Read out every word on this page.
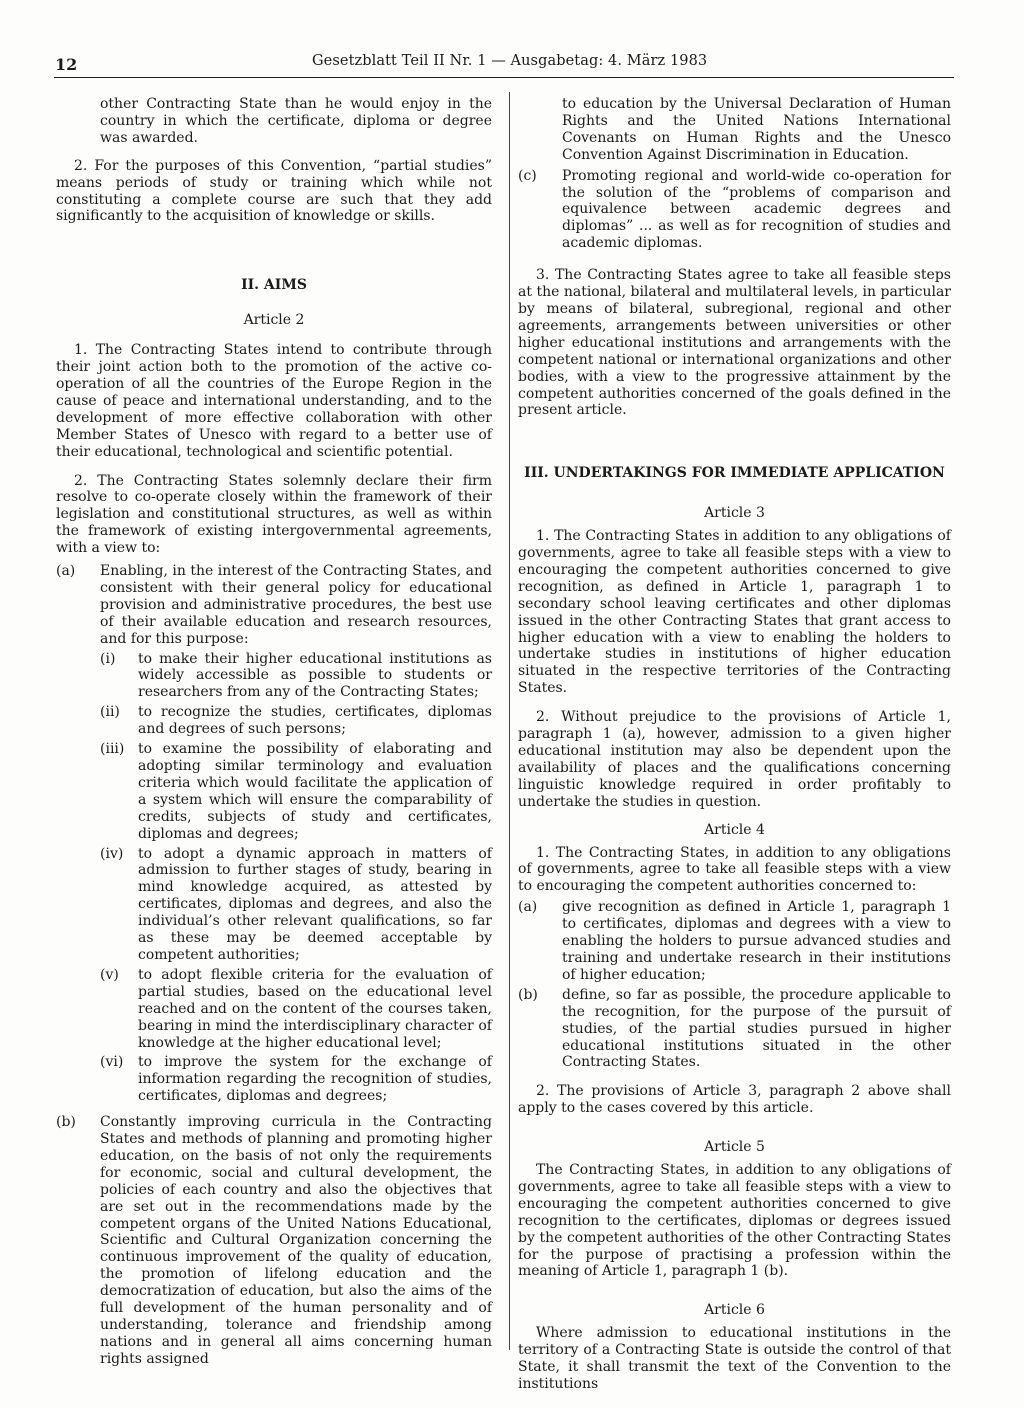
12	Gesetzblatt Teil II Nr. 1 — Ausgabetag: 4. März 1983

other Contracting State than he would enjoy in the country in which the certificate, diploma or degree was awarded.

2. For the purposes of this Convention, “partial studies” means periods of study or training which while not constituting a complete course are such that they add significantly to the acquisition of knowledge or skills.

II. AIMS

Article 2

1. The Contracting States intend to contribute through their joint action both to the promotion of the active co-operation of all the countries of the Europe Region in the cause of peace and international understanding, and to the development of more effective collaboration with other Member States of Unesco with regard to a better use of their educational, technological and scientific potential.

2. The Contracting States solemnly declare their firm resolve to co-operate closely within the framework of their legislation and constitutional structures, as well as within the framework of existing intergovernmental agreements, with a view to:

(a)	Enabling, in the interest of the Contracting States, and consistent with their general policy for educational provision and administrative procedures, the best use of their available education and research resources, and for this purpose:
(i)	to make their higher educational institutions as widely accessible as possible to students or researchers from any of the Contracting States;
(ii)	to recognize the studies, certificates, diplomas and degrees of such persons;
(iii) to examine the possibility of elaborating and adopting similar terminology and evaluation criteria which would facilitate the application of a system which will ensure the comparability of credits, subjects of study and certificates, diplomas and degrees;
(iv)	to adopt a dynamic approach in matters of admission to further stages of study, bearing in mind knowledge acquired, as attested by certificates, diplomas and degrees, and also the individual’s other relevant qualifications, so far as these may be deemed acceptable by competent authorities;
(v)	to adopt flexible criteria for the evaluation of partial studies, based on the educational level reached and on the content of the courses taken, bearing in mind the interdisciplinary character of knowledge at the higher educational level;
(vi)	to improve the system for the exchange of information regarding the recognition of studies, certificates, diplomas and degrees;
(b)	Constantly improving curricula in the Contracting States and methods of planning and promoting higher education, on the basis of not only the requirements for economic, social and cultural development, the policies of each country and also the objectives that are set out in the recommendations made by the competent organs of the United Nations Educational, Scientific and Cultural Organization concerning the continuous improvement of the quality of education, the promotion of lifelong education and the democratization of education, but also the aims of the full development of the human personality and of understanding, tolerance and friendship among nations and in general all aims concerning human rights assigned

to education by the Universal Declaration of Human Rights and the United Nations International Covenants on Human Rights and the Unesco Convention Against Discrimination in Education.

(c)	Promoting regional and world-wide co-operation for the solution of the “problems of comparison and equivalence between academic degrees and diplomas” ... as well as for recognition of studies and academic diplomas.

3. The Contracting States agree to take all feasible steps at the national, bilateral and multilateral levels, in particular by means of bilateral, subregional, regional and other agreements, arrangements between universities or other higher educational institutions and arrangements with the competent national or international organizations and other bodies, with a view to the progressive attainment by the competent authorities concerned of the goals defined in the present article.

III. UNDERTAKINGS FOR IMMEDIATE APPLICATION

Article 3

1. The Contracting States in addition to any obligations of governments, agree to take all feasible steps with a view to encouraging the competent authorities concerned to give recognition, as defined in Article 1, paragraph 1 to secondary school leaving certificates and other diplomas issued in the other Contracting States that grant access to higher education with a view to enabling the holders to undertake studies in institutions of higher education situated in the respective territories of the Contracting States.

2. Without prejudice to the provisions of Article 1, paragraph 1 (a), however, admission to a given higher educational institution may also be dependent upon the availability of places and the qualifications concerning linguistic knowledge required in order profitably to undertake the studies in question.

Article 4

1. The Contracting States, in addition to any obligations of governments, agree to take all feasible steps with a view to encouraging the competent authorities concerned to:

(a)	give recognition as defined in Article 1, paragraph 1 to certificates, diplomas and degrees with a view to enabling the holders to pursue advanced studies and training and undertake research in their institutions of higher education;
(b)	define, so far as possible, the procedure applicable to the recognition, for the purpose of the pursuit of studies, of the partial studies pursued in higher educational institutions situated in the other Contracting States.

2. The provisions of Article 3, paragraph 2 above shall apply to the cases covered by this article.

Article 5

The Contracting States, in addition to any obligations of governments, agree to take all feasible steps with a view to encouraging the competent authorities concerned to give recognition to the certificates, diplomas or degrees issued by the competent authorities of the other Contracting States for the purpose of practising a profession within the meaning of Article 1, paragraph 1 (b).

Article 6

Where admission to educational institutions in the territory of a Contracting State is outside the control of that State, it shall transmit the text of the Convention to the institutions
